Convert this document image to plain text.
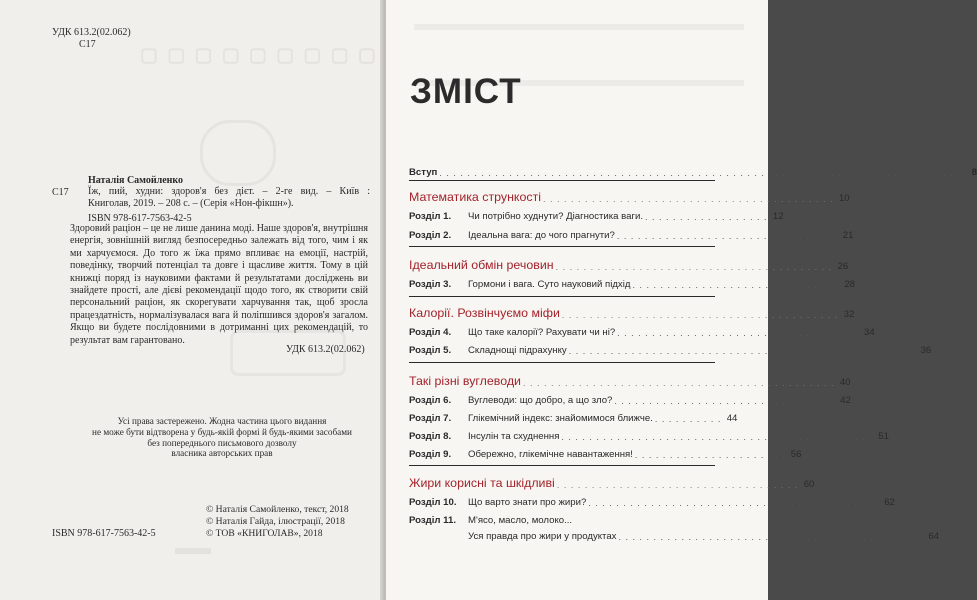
▢ ▢ ▢ ▢ ▢ ▢ ▢ ▢ ▢
УДК 613.2(02.062)
С17
Наталія Самойленко
С17 Їж, пий, худни: здоров'я без дієт. – 2-ге вид. – Київ :

Книголав, 2019. – 208 с. – (Серія «Нон-фікшн»).

ISBN 978-617-7563-42-5

Здоровий раціон – це не лише данина моді. Наше здоров'я, внутрішня енергія, зовнішній вигляд безпосередньо залежать від того, чим і як ми харчуємося. До того ж їжа прямо впливає на емоції, настрій, поведінку, творчий потенціал та довге і щасливе життя. Тому в цій книжці поряд із науковими фактами й результатами досліджень ви знайдете прості, але дієві рекомендації щодо того, як створити свій персональний раціон, як скорегувати харчування так, щоб зросла працездатність, нормалізувалася вага й поліпшився здоров'я загалом. Якщо ви будете послідовними в дотриманні цих рекомендацій, то результат вам гарантовано.
УДК 613.2(02.062)
Усі права застережено. Жодна частина цього видання
не може бути відтворена у будь-якій формі й будь-якими засобами
без попереднього письмового дозволу
власника авторських прав
ISBN 978-617-7563-42-5
© Наталія Самойленко, текст, 2018
© Наталія Гайда, ілюстрації, 2018
© ТОВ «КНИГОЛАВ», 2018
ЗМІСТ
Вступ . . . . . . . . . . . . . . . . . . . . . . . . . . . . . . . . . . . . . . . . . . . . . . . . . . . . . . . . . . . . . . . . . . . . . . . . . . .	8
Математика стрункості . . . . . . . . . . . . . . . . . . . . . . . . . . . . . . . . . . . . . . . . . . 10
Розділ 1.	Чи потрібно худнути? Діагностика ваги. . . . . . . . . . . . . . . . . . . 12
Розділ 2.	Ідеальна вага: до чого прагнути? . . . . . . . . . . . . . . . . . . . . . . . . . . . . . . . . 21
Ідеальний обмін речовин . . . . . . . . . . . . . . . . . . . . . . . . . . . . . . . . . . . . . . . . 26
Розділ 3.	Гормони і вага. Суто науковий підхід . . . . . . . . . . . . . . . . . . . . . . . . . . . . . . 28
Калорії. Розвінчуємо міфи . . . . . . . . . . . . . . . . . . . . . . . . . . . . . . . . . . . . . . . . 32
Розділ 4.	Що таке калорії? Рахувати чи ні? . . . . . . . . . . . . . . . . . . . . . . . . . . . . . . . . . . . 34
Розділ 5.	Складнощі підрахунку . . . . . . . . . . . . . . . . . . . . . . . . . . . . . . . . . . . . . . . . . . . . . . . . . . 36
Такі різні вуглеводи . . . . . . . . . . . . . . . . . . . . . . . . . . . . . . . . . . . . . . . . . . . . . 40
Розділ 6.	Вуглеводи: що добро, а що зло? . . . . . . . . . . . . . . . . . . . . . . . . . . . . . . . . 42
Розділ 7.	Глікемічний індекс: знайомимося ближче. . . . . . . . . . . 44
Розділ 8.	Інсулін та схуднення . . . . . . . . . . . . . . . . . . . . . . . . . . . . . . . . . . . . . . . . . . . . . 51
Розділ 9.	Обережно, глікемічне навантаження! . . . . . . . . . . . . . . . . . . . . . . 56
Жири корисні та шкідливі . . . . . . . . . . . . . . . . . . . . . . . . . . . . . . . . . . . 60
Розділ 10.	Що варто знати про жири? . . . . . . . . . . . . . . . . . . . . . . . . . . . . . . . . . . . . . . . . . . 62
Розділ 11.	М'ясо, масло, молоко...
Уся правда про жири у продуктах . . . . . . . . . . . . . . . . . . . . . . . . . . . . . . . . . . . . . . . . . . . . 64
